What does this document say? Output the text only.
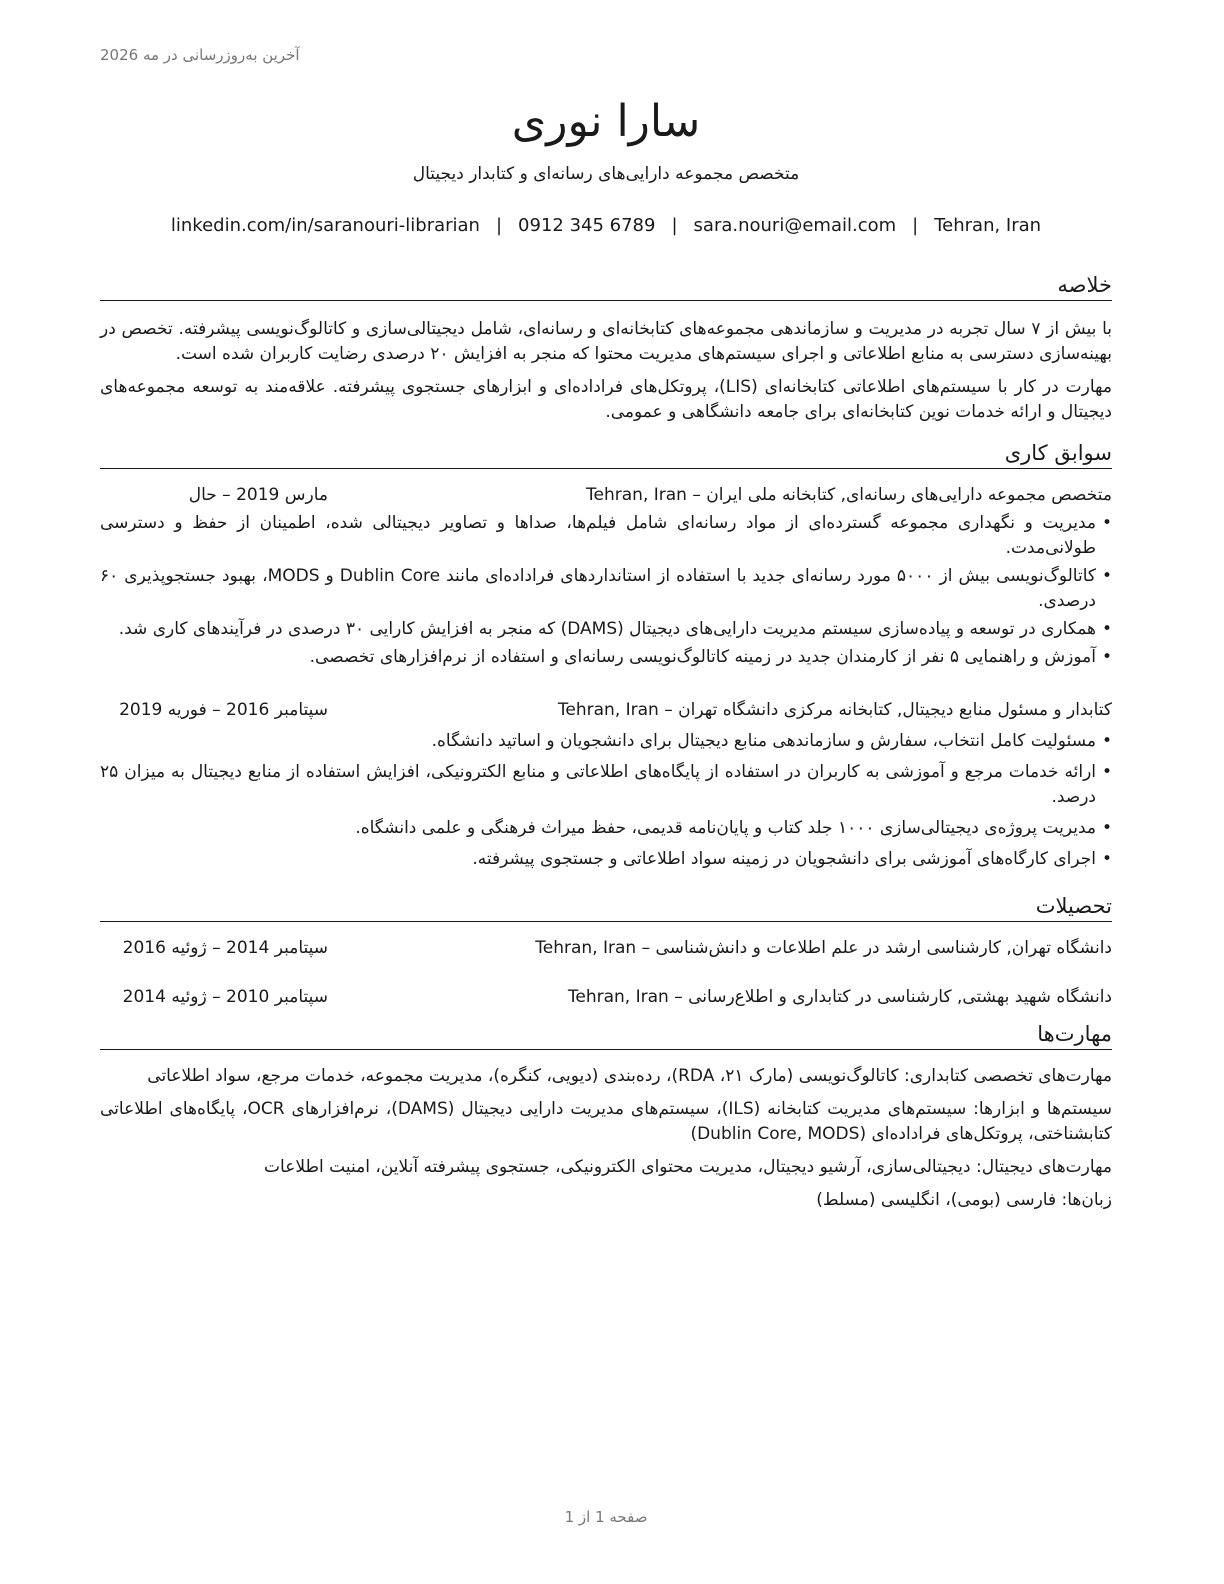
آخرین به‌روزرسانی در مه 2026
سارا نوری
متخصص مجموعه دارایی‌های رسانه‌ای و کتابدار دیجیتال
linkedin.com/in/saranouri-librarian | 0912 345 6789 | sara.nouri@email.com | Tehran, Iran
خلاصه

با بیش از ۷ سال تجربه در مدیریت و سازماندهی مجموعه‌های کتابخانه‌ای و رسانه‌ای، شامل دیجیتالی‌سازی و کاتالوگ‌نویسی پیشرفته. تخصص در بهینه‌سازی دسترسی به منابع اطلاعاتی و اجرای سیستم‌های مدیریت محتوا که منجر به افزایش ۲۰ درصدی رضایت کاربران شده است.

مهارت در کار با سیستم‌های اطلاعاتی کتابخانه‌ای (LIS)، پروتکل‌های فراداده‌ای و ابزارهای جستجوی پیشرفته. علاقه‌مند به توسعه مجموعه‌های دیجیتال و ارائه خدمات نوین کتابخانه‌ای برای جامعه دانشگاهی و عمومی.

سوابق کاری
متخصص مجموعه دارایی‌های رسانه‌ای, کتابخانه ملی ایران – Tehran, Iran
مارس 2019 – حال
• مدیریت و نگهداری مجموعه گسترده‌ای از مواد رسانه‌ای شامل فیلم‌ها، صداها و تصاویر دیجیتالی شده، اطمینان از حفظ و دسترسی طولانی‌مدت.
• کاتالوگ‌نویسی بیش از ۵۰۰۰ مورد رسانه‌ای جدید با استفاده از استانداردهای فراداده‌ای مانند Dublin Core و MODS، بهبود جستجوپذیری ۶۰ درصدی.
• همکاری در توسعه و پیاده‌سازی سیستم مدیریت دارایی‌های دیجیتال (DAMS) که منجر به افزایش کارایی ۳۰ درصدی در فرآیندهای کاری شد.
• آموزش و راهنمایی ۵ نفر از کارمندان جدید در زمینه کاتالوگ‌نویسی رسانه‌ای و استفاده از نرم‌افزارهای تخصصی.
کتابدار و مسئول منابع دیجیتال, کتابخانه مرکزی دانشگاه تهران – Tehran, Iran
سپتامبر 2016 – فوریه 2019
• مسئولیت کامل انتخاب، سفارش و سازماندهی منابع دیجیتال برای دانشجویان و اساتید دانشگاه.
• ارائه خدمات مرجع و آموزشی به کاربران در استفاده از پایگاه‌های اطلاعاتی و منابع الکترونیکی، افزایش استفاده از منابع دیجیتال به میزان ۲۵ درصد.
• مدیریت پروژه‌ی دیجیتالی‌سازی ۱۰۰۰ جلد کتاب و پایان‌نامه قدیمی، حفظ میراث فرهنگی و علمی دانشگاه.
• اجرای کارگاه‌های آموزشی برای دانشجویان در زمینه سواد اطلاعاتی و جستجوی پیشرفته.
تحصیلات
دانشگاه تهران, کارشناسی ارشد در علم اطلاعات و دانش‌شناسی – Tehran, Iran
سپتامبر 2014 – ژوئیه 2016
دانشگاه شهید بهشتی, کارشناسی در کتابداری و اطلاع‌رسانی – Tehran, Iran
سپتامبر 2010 – ژوئیه 2014
مهارت‌ها

مهارت‌های تخصصی کتابداری: کاتالوگ‌نویسی (مارک ۲۱، RDA)، رده‌بندی (دیویی، کنگره)، مدیریت مجموعه، خدمات مرجع، سواد اطلاعاتی

سیستم‌ها و ابزارها: سیستم‌های مدیریت کتابخانه (ILS)، سیستم‌های مدیریت دارایی دیجیتال (DAMS)، نرم‌افزارهای OCR، پایگاه‌های اطلاعاتی کتابشناختی، پروتکل‌های فراداده‌ای (Dublin Core, MODS)

مهارت‌های دیجیتال: دیجیتالی‌سازی، آرشیو دیجیتال، مدیریت محتوای الکترونیکی، جستجوی پیشرفته آنلاین، امنیت اطلاعات

زبان‌ها: فارسی (بومی)، انگلیسی (مسلط)

صفحه 1 از 1
